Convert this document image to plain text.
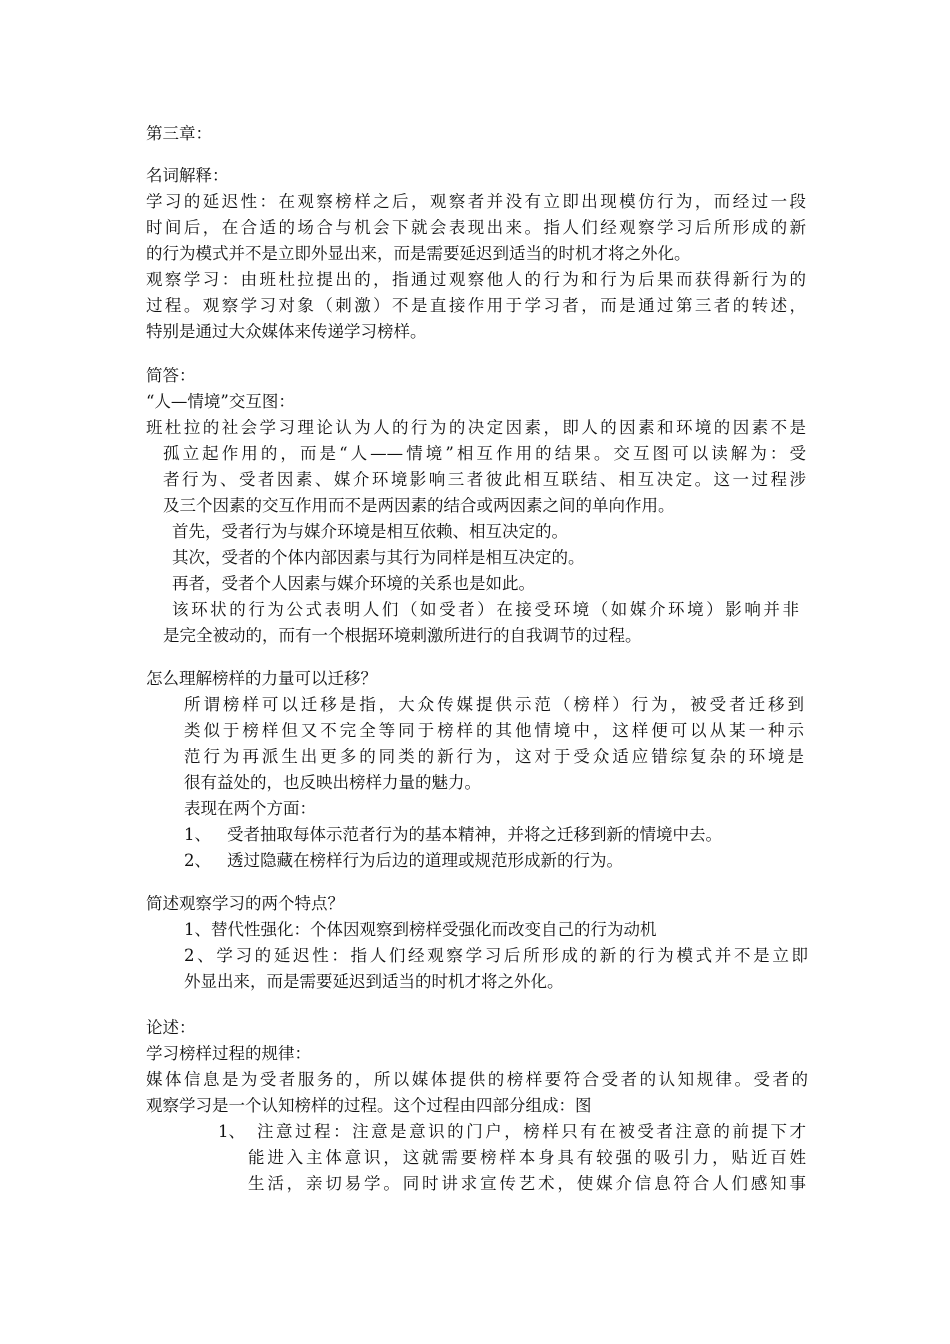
第三章：
名词解释：
学习的延迟性：在观察榜样之后，观察者并没有立即出现模仿行为，而经过一段
时间后，在合适的场合与机会下就会表现出来。指人们经观察学习后所形成的新
的行为模式并不是立即外显出来，而是需要延迟到适当的时机才将之外化。
观察学习：由班杜拉提出的，指通过观察他人的行为和行为后果而获得新行为的
过程。观察学习对象（刺激）不是直接作用于学习者，而是通过第三者的转述，
特别是通过大众媒体来传递学习榜样。
简答：
“人—情境”交互图：
班杜拉的社会学习理论认为人的行为的决定因素，即人的因素和环境的因素不是
孤立起作用的，而是“人——情境”相互作用的结果。交互图可以读解为：受
者行为、受者因素、媒介环境影响三者彼此相互联结、相互决定。这一过程涉
及三个因素的交互作用而不是两因素的结合或两因素之间的单向作用。
首先，受者行为与媒介环境是相互依赖、相互决定的。
其次，受者的个体内部因素与其行为同样是相互决定的。
再者，受者个人因素与媒介环境的关系也是如此。
该环状的行为公式表明人们（如受者）在接受环境（如媒介环境）影响并非
是完全被动的，而有一个根据环境刺激所进行的自我调节的过程。
怎么理解榜样的力量可以迁移？
所谓榜样可以迁移是指，大众传媒提供示范（榜样）行为，被受者迁移到
类似于榜样但又不完全等同于榜样的其他情境中，这样便可以从某一种示
范行为再派生出更多的同类的新行为，这对于受众适应错综复杂的环境是
很有益处的，也反映出榜样力量的魅力。
表现在两个方面：
1、 受者抽取每体示范者行为的基本精神，并将之迁移到新的情境中去。
2、 透过隐藏在榜样行为后边的道理或规范形成新的行为。
简述观察学习的两个特点？
1、替代性强化：个体因观察到榜样受强化而改变自己的行为动机
2、学习的延迟性：指人们经观察学习后所形成的新的行为模式并不是立即
外显出来，而是需要延迟到适当的时机才将之外化。
论述：
学习榜样过程的规律：
媒体信息是为受者服务的，所以媒体提供的榜样要符合受者的认知规律。受者的
观察学习是一个认知榜样的过程。这个过程由四部分组成：图
1、 注意过程：注意是意识的门户，榜样只有在被受者注意的前提下才
能进入主体意识，这就需要榜样本身具有较强的吸引力，贴近百姓
生活，亲切易学。同时讲求宣传艺术，使媒介信息符合人们感知事
